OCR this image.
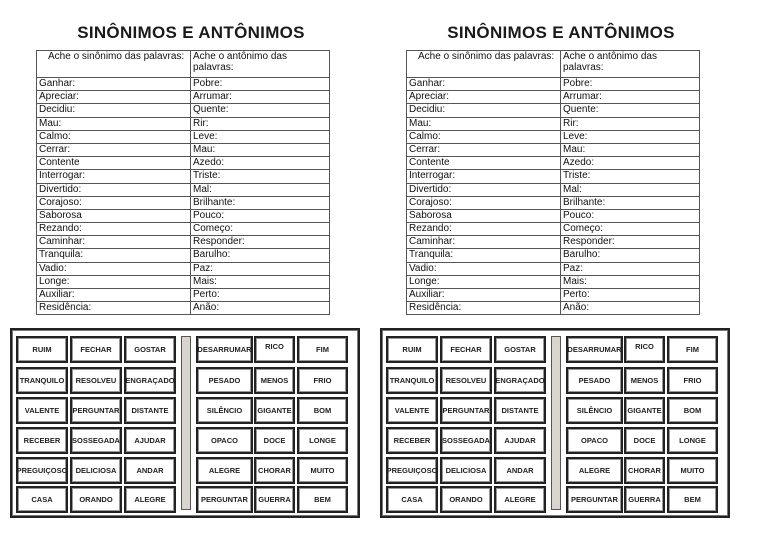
SINÔNIMOS E ANTÔNIMOS
Ache o sinônimo das palavras:	Ache o antônimo das palavras:
Ganhar:	Pobre:
Apreciar:	Arrumar:
Decidiu:	Quente:
Mau:	Rir:
Calmo:	Leve:
Cerrar:	Mau:
Contente	Azedo:
Interrogar:	Triste:
Divertido:	Mal:
Corajoso:	Brilhante:
Saborosa	Pouco:
Rezando:	Começo:
Caminhar:	Responder:
Tranquila:	Barulho:
Vadio:	Paz:
Longe:	Mais:
Auxiliar:	Perto:
Residência:	Anão:
RUIM	FECHAR	GOSTAR	DESARRUMAR	RICO	FIM
TRANQUILO	RESOLVEU	ENGRAÇADO	PESADO	MENOS	FRIO
VALENTE	PERGUNTAR	DISTANTE	SILÊNCIO	GIGANTE	BOM
RECEBER	SOSSEGADA	AJUDAR	OPACO	DOCE	LONGE
PREGUIÇOSO	DELICIOSA	ANDAR	ALEGRE	CHORAR	MUITO
CASA	ORANDO	ALEGRE	PERGUNTAR	GUERRA	BEM
SINÔNIMOS E ANTÔNIMOS
Ache o sinônimo das palavras:	Ache o antônimo das palavras:
Ganhar:	Pobre:
Apreciar:	Arrumar:
Decidiu:	Quente:
Mau:	Rir:
Calmo:	Leve:
Cerrar:	Mau:
Contente	Azedo:
Interrogar:	Triste:
Divertido:	Mal:
Corajoso:	Brilhante:
Saborosa	Pouco:
Rezando:	Começo:
Caminhar:	Responder:
Tranquila:	Barulho:
Vadio:	Paz:
Longe:	Mais:
Auxiliar:	Perto:
Residência:	Anão:
RUIM	FECHAR	GOSTAR	DESARRUMAR	RICO	FIM
TRANQUILO	RESOLVEU	ENGRAÇADO	PESADO	MENOS	FRIO
VALENTE	PERGUNTAR	DISTANTE	SILÊNCIO	GIGANTE	BOM
RECEBER	SOSSEGADA	AJUDAR	OPACO	DOCE	LONGE
PREGUIÇOSO	DELICIOSA	ANDAR	ALEGRE	CHORAR	MUITO
CASA	ORANDO	ALEGRE	PERGUNTAR	GUERRA	BEM
